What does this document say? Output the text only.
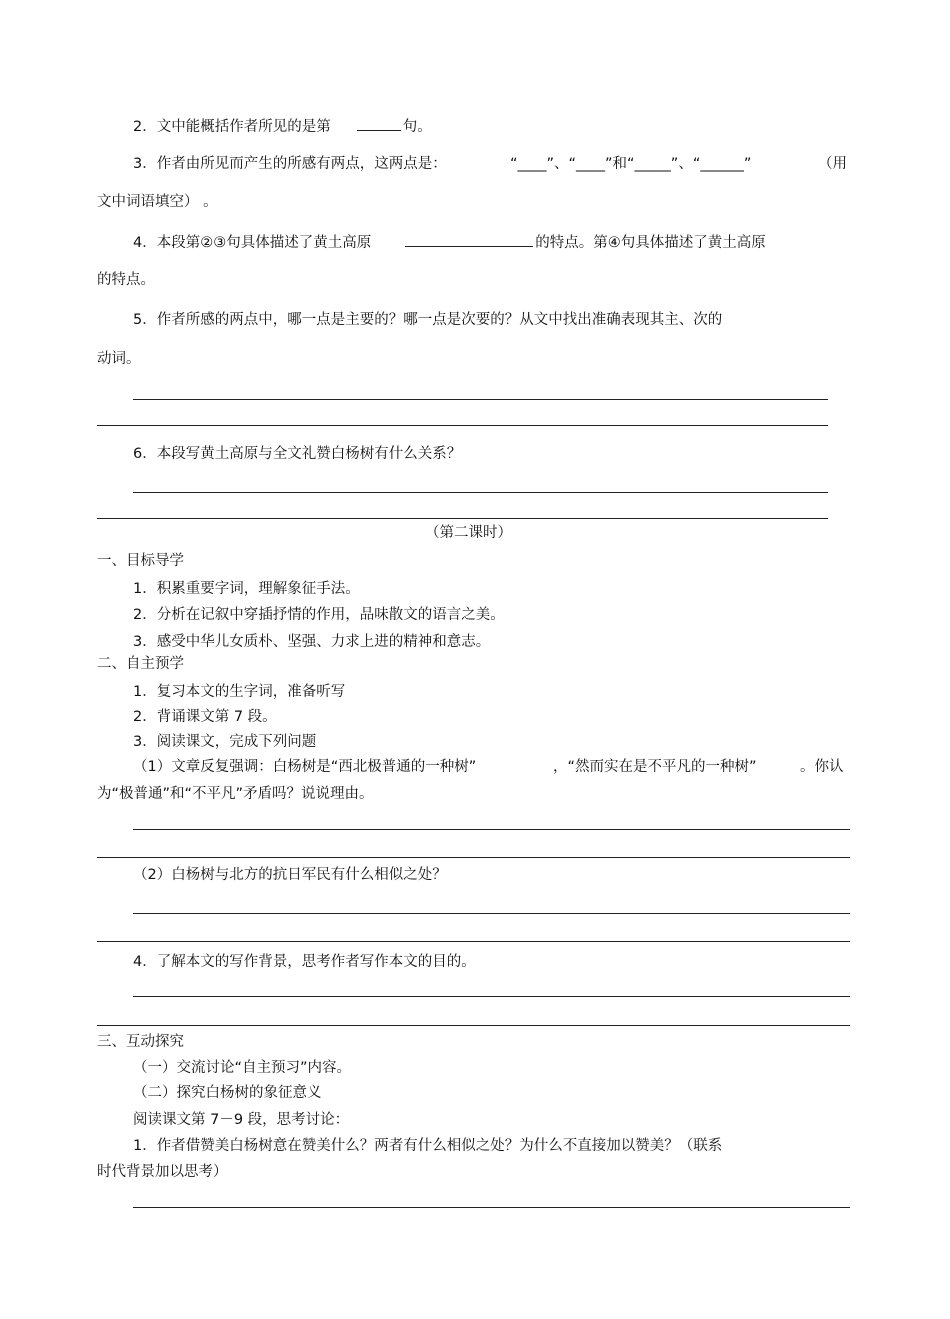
2．文中能概括作者所见的是第	句。
3．作者由所见而产生的所感有两点，这两点是：	“____”、“____”和“_____”、“______”	（用
文中词语填空） 。
4．本段第②③句具体描述了黄土高原	的特点。第④句具体描述了黄土高原
的特点。
5．作者所感的两点中，哪一点是主要的？哪一点是次要的？从文中找出准确表现其主、次的
动词。
6．本段写黄土高原与全文礼赞白杨树有什么关系？
（第二课时）
一、目标导学
1．积累重要字词，理解象征手法。
2．分析在记叙中穿插抒情的作用，品味散文的语言之美。
3．感受中华儿女质朴、坚强、力求上进的精神和意志。
二、自主预学
1．复习本文的生字词，准备听写
2．背诵课文第 7 段。
3．阅读课文，完成下列问题
（1）文章反复强调：白杨树是“西北极普通的一种树”	，“然而实在是不平凡的一种树”	。你认
为“极普通”和“不平凡”矛盾吗？说说理由。
（2）白杨树与北方的抗日军民有什么相似之处？
4．了解本文的写作背景，思考作者写作本文的目的。
三、互动探究
（一）交流讨论“自主预习”内容。
（二）探究白杨树的象征意义
阅读课文第 7－9 段，思考讨论：
1．作者借赞美白杨树意在赞美什么？两者有什么相似之处？为什么不直接加以赞美？（联系
时代背景加以思考）
